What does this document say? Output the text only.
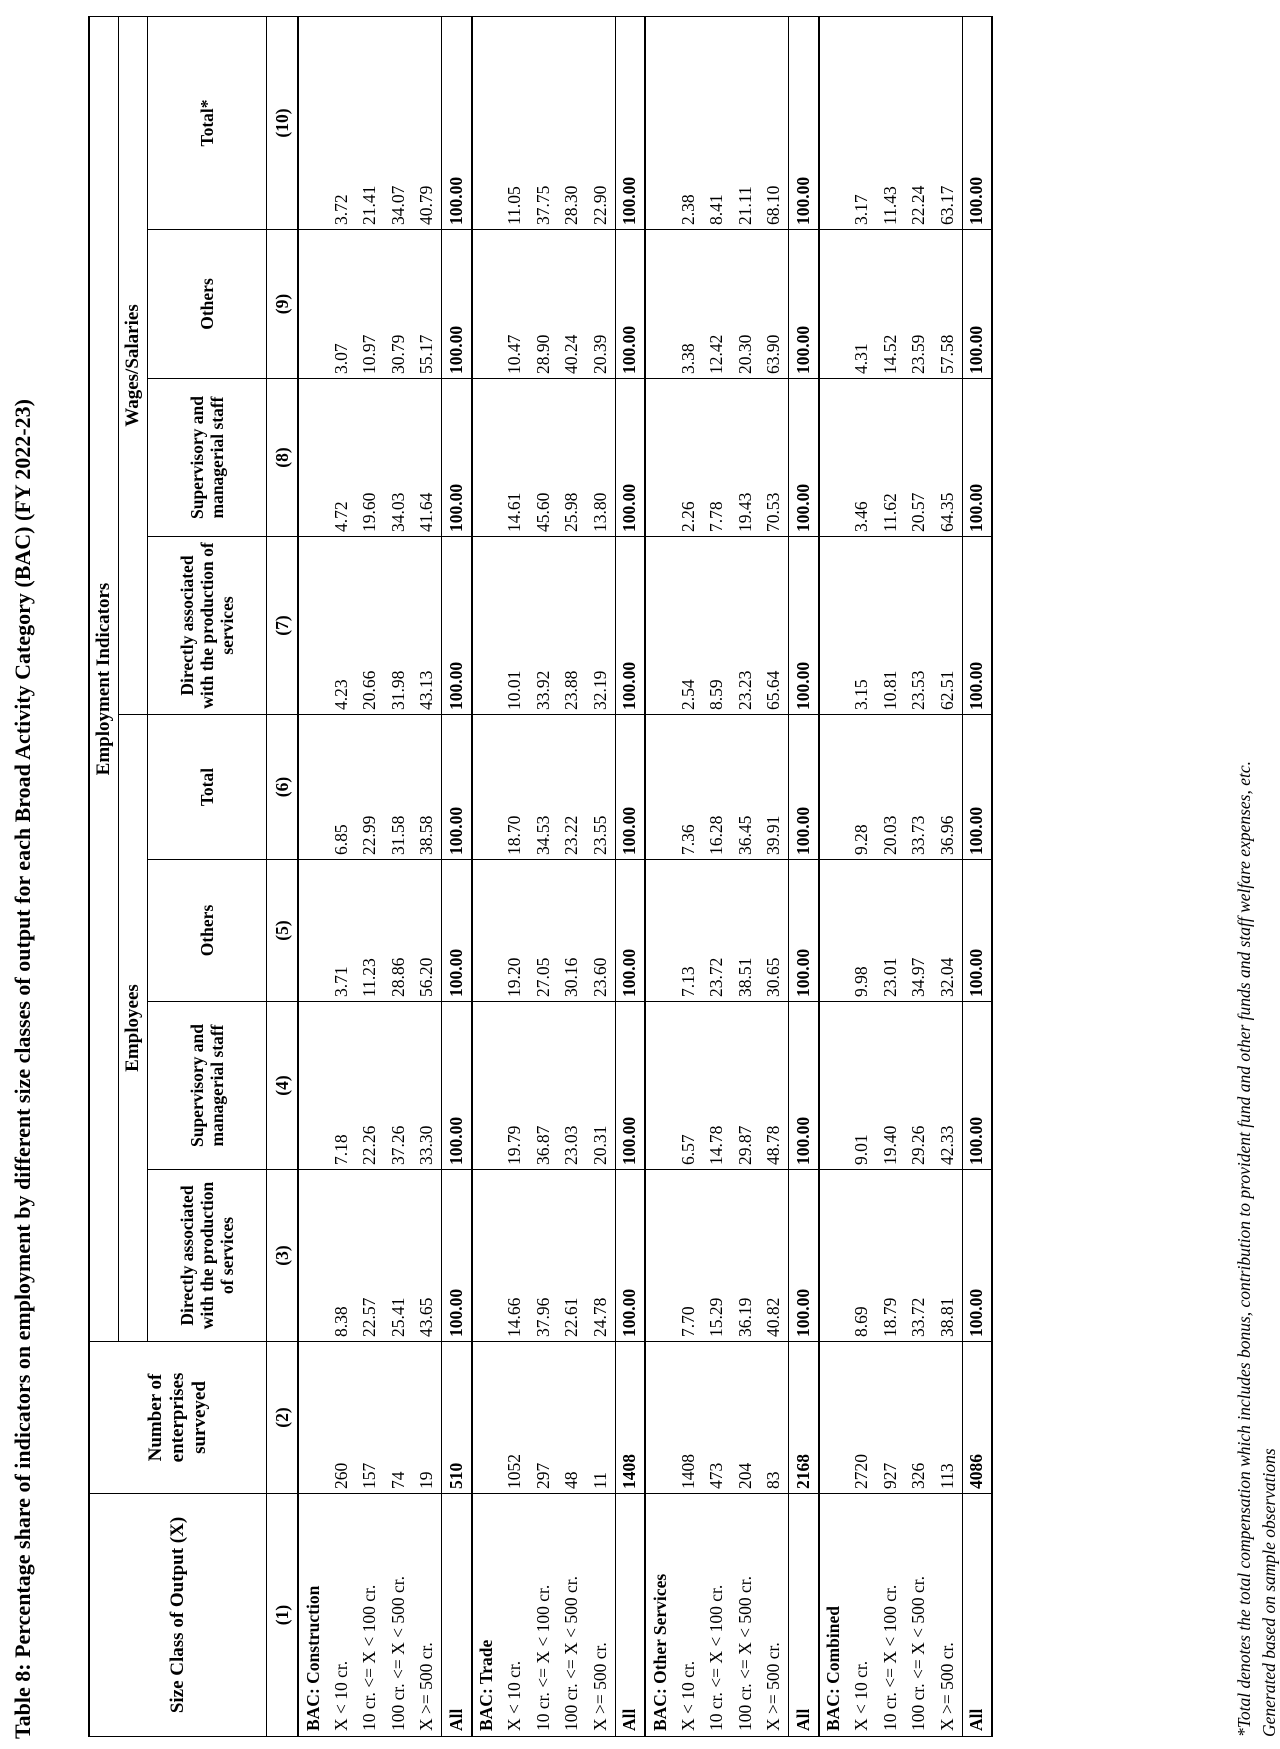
Table 8: Percentage share of indicators on employment by different size classes of output for each Broad Activity Category (BAC) (FY 2022-23)	Size Class of Output (X)	Number of enterprises surveyed	Employment Indicators							
		Employees				Wages/Salaries			
		Directly associated with the production of services	Supervisory and managerial staff	Others	Total	Directly associated with the production of services	Supervisory and managerial staff	Others	Total*
(1)	(2)	(3)	(4)	(5)	(6)	(7)	(8)	(9)	(10)
BAC: Construction									
X < 10 cr.	260	8.38	7.18	3.71	6.85	4.23	4.72	3.07	3.72
10 cr. <= X < 100 cr.	157	22.57	22.26	11.23	22.99	20.66	19.60	10.97	21.41
100 cr. <= X < 500 cr.	74	25.41	37.26	28.86	31.58	31.98	34.03	30.79	34.07
X >= 500 cr.	19	43.65	33.30	56.20	38.58	43.13	41.64	55.17	40.79
All	510	100.00	100.00	100.00	100.00	100.00	100.00	100.00	100.00
BAC: Trade									
X < 10 cr.	1052	14.66	19.79	19.20	18.70	10.01	14.61	10.47	11.05
10 cr. <= X < 100 cr.	297	37.96	36.87	27.05	34.53	33.92	45.60	28.90	37.75
100 cr. <= X < 500 cr.	48	22.61	23.03	30.16	23.22	23.88	25.98	40.24	28.30
X >= 500 cr.	11	24.78	20.31	23.60	23.55	32.19	13.80	20.39	22.90
All	1408	100.00	100.00	100.00	100.00	100.00	100.00	100.00	100.00
BAC: Other Services									
X < 10 cr.	1408	7.70	6.57	7.13	7.36	2.54	2.26	3.38	2.38
10 cr. <= X < 100 cr.	473	15.29	14.78	23.72	16.28	8.59	7.78	12.42	8.41
100 cr. <= X < 500 cr.	204	36.19	29.87	38.51	36.45	23.23	19.43	20.30	21.11
X >= 500 cr.	83	40.82	48.78	30.65	39.91	65.64	70.53	63.90	68.10
All	2168	100.00	100.00	100.00	100.00	100.00	100.00	100.00	100.00
BAC: Combined									
X < 10 cr.	2720	8.69	9.01	9.98	9.28	3.15	3.46	4.31	3.17
10 cr. <= X < 100 cr.	927	18.79	19.40	23.01	20.03	10.81	11.62	14.52	11.43
100 cr. <= X < 500 cr.	326	33.72	29.26	34.97	33.73	23.53	20.57	23.59	22.24
X >= 500 cr.	113	38.81	42.33	32.04	36.96	62.51	64.35	57.58	63.17
All	4086	100.00	100.00	100.00	100.00	100.00	100.00	100.00	100.00
*Total denotes the total compensation which includes bonus, contribution to provident fund and other funds and staff welfare expenses, etc. Generated based on sample observations
